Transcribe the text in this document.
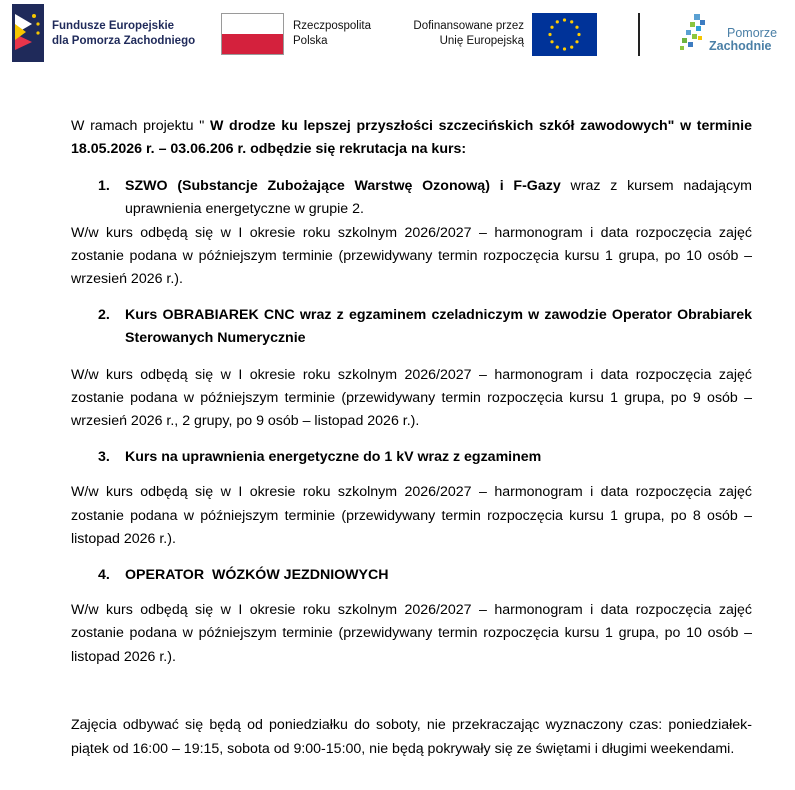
Fundusze Europejskie
dla Pomorza Zachodniego
Rzeczpospolita
Polska
Dofinansowane przez
Unię Europejską
Pomorze
Zachodnie

W ramach projektu " W drodze ku lepszej przyszłości szczecińskich szkół zawodowych" w terminie 18.05.2026 r. – 03.06.206 r. odbędzie się rekrutacja na kurs:

1.	SZWO (Substancje Zubożające Warstwę Ozonową) i F-Gazy wraz z kursem nadającym uprawnienia energetyczne w grupie 2.

W/w kurs odbędą się w I okresie roku szkolnym 2026/2027 – harmonogram i data rozpoczęcia zajęć zostanie podana w późniejszym terminie (przewidywany termin rozpoczęcia kursu 1 grupa, po 10 osób – wrzesień 2026 r.).

2.	Kurs OBRABIAREK CNC wraz z egzaminem czeladniczym w zawodzie Operator Obrabiarek Sterowanych Numerycznie

W/w kurs odbędą się w I okresie roku szkolnym 2026/2027 – harmonogram i data rozpoczęcia zajęć zostanie podana w późniejszym terminie (przewidywany termin rozpoczęcia kursu 1 grupa, po 9 osób – wrzesień 2026 r., 2 grupy, po 9 osób – listopad 2026 r.).

3.	Kurs na uprawnienia energetyczne do 1 kV wraz z egzaminem

W/w kurs odbędą się w I okresie roku szkolnym 2026/2027 – harmonogram i data rozpoczęcia zajęć zostanie podana w późniejszym terminie (przewidywany termin rozpoczęcia kursu 1 grupa, po 8 osób – listopad 2026 r.).

4.	OPERATOR  WÓZKÓW JEZDNIOWYCH

W/w kurs odbędą się w I okresie roku szkolnym 2026/2027 – harmonogram i data rozpoczęcia zajęć zostanie podana w późniejszym terminie (przewidywany termin rozpoczęcia kursu 1 grupa, po 10 osób – listopad 2026 r.).

Zajęcia odbywać się będą od poniedziałku do soboty, nie przekraczając wyznaczony czas: poniedziałek-piątek od 16:00 – 19:15, sobota od 9:00-15:00, nie będą pokrywały się ze świętami i długimi weekendami.
